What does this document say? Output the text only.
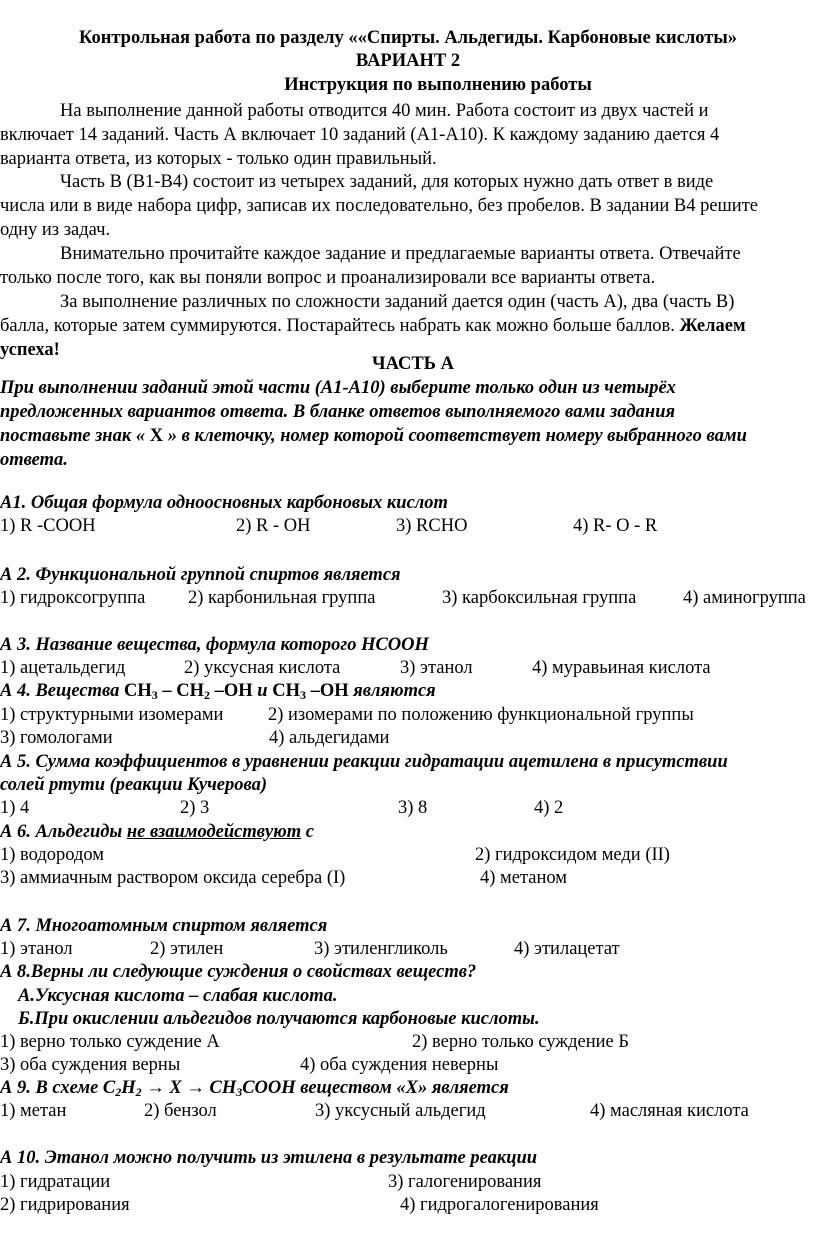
Контрольная работа по разделу ««Спирты. Альдегиды. Карбоновые кислоты»
ВАРИАНТ 2
Инструкция по выполнению работы
На выполнение данной работы отводится 40 мин. Работа состоит из двух частей и
включает 14 заданий. Часть А включает 10 заданий (А1-А10). К каждому заданию дается 4
варианта ответа, из которых - только один правильный.
Часть В (В1-В4) состоит из четырех заданий, для которых нужно дать ответ в виде
числа или в виде набора цифр, записав их последовательно, без пробелов. В задании В4 решите
одну из задач.
Внимательно прочитайте каждое задание и предлагаемые варианты ответа. Отвечайте
только после того, как вы поняли вопрос и проанализировали все варианты ответа.
За выполнение различных по сложности заданий дается один (часть А), два (часть В)
балла, которые затем суммируются. Постарайтесь набрать как можно больше баллов. Желаем
успеха!
ЧАСТЬ А
При выполнении заданий этой части (А1-А10) выберите только один из четырёх
предложенных вариантов ответа. В бланке ответов выполняемого вами задания
поставьте знак « Х » в клеточку, номер которой соответствует номеру выбранного вами
ответа.
А1. Общая формула одноосновных карбоновых кислот
1) R -COOH	2) R - OH	3) RCHO	4) R- O - R
А 2. Функциональной группой спиртов является
1) гидроксогруппа 2) карбонильная группа	3) карбоксильная группа	4) аминогруппа
А 3. Название вещества, формула которого НСООН
1) ацетальдегид	2) уксусная кислота	3) этанол	4) муравьиная кислота
А 4. Вещества $СН_3 - СН_2$ –ОН и $СН_3$ –ОН являются
1) структурными изомерами 2) изомерами по положению функциональной группы
3) гомологами	4) альдегидами
А 5. Сумма коэффициентов в уравнении реакции гидратации ацетилена в присутствии
солей ртути (реакции Кучерова)
1) 4	2) 3	3) 8	4) 2
А 6. Альдегиды не взаимодействуют с
1) водородом	2) гидроксидом меди (II)
3) аммиачным раствором оксида серебра (I)	4) метаном
А 7. Многоатомным спиртом является
1) этанол	2) этилен	3) этиленгликоль	4) этилацетат
А 8.Верны ли следующие суждения о свойствах веществ?
А.Уксусная кислота – слабая кислота.
Б.При окислении альдегидов получаются карбоновые кислоты.
1) верно только суждение А	2) верно только суждение Б
3) оба суждения верны	4) оба суждения неверны
А 9. В схеме $С_2Н_2 \to Х$ → $СН_3СООН$ веществом «Х» является
1) метан	2) бензол	3) уксусный альдегид	4) масляная кислота
А 10. Этанол можно получить из этилена в результате реакции
1) гидратации	3) галогенирования
2) гидрирования	4) гидрогалогенирования
